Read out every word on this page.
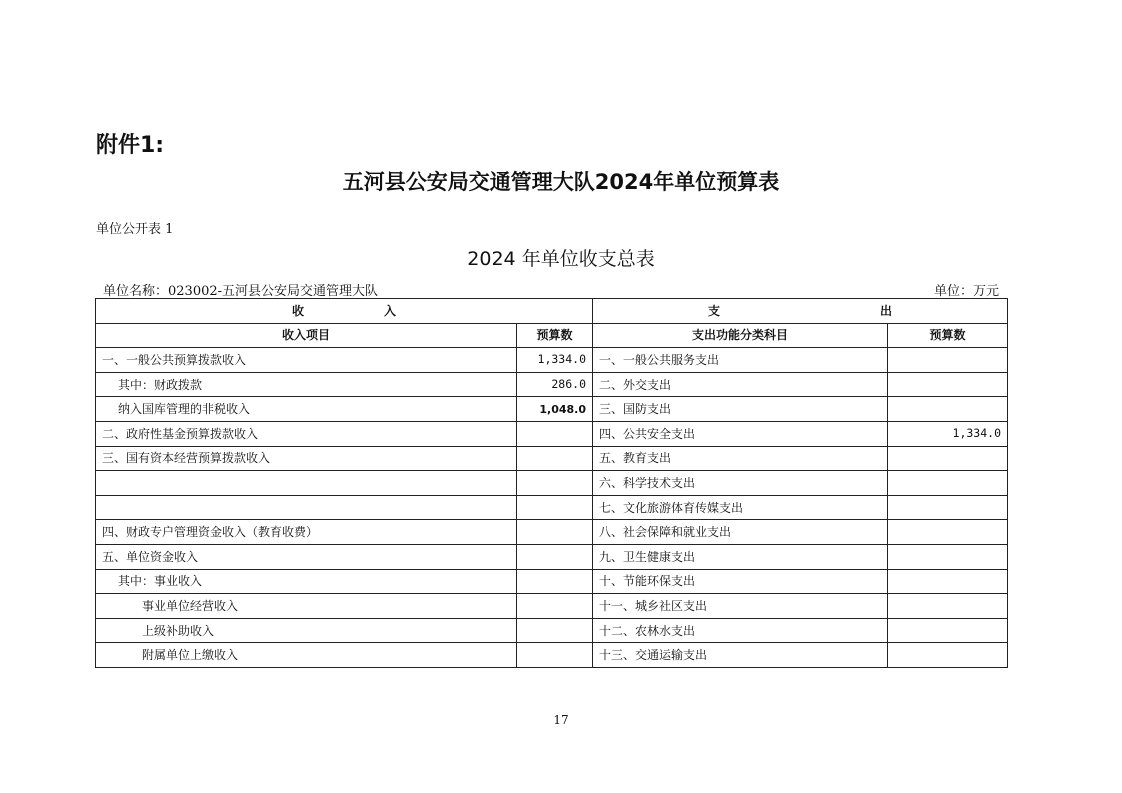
附件1:
五河县公安局交通管理大队2024年单位预算表
单位公开表 1
2024 年单位收支总表
单位名称：023002-五河县公安局交通管理大队	单位：万元
收 入		支 出	
收入项目	预算数	支出功能分类科目	预算数
一、一般公共预算拨款收入	1,334.0	一、一般公共服务支出	
其中：财政拨款	286.0	二、外交支出	
纳入国库管理的非税收入	1,048.0	三、国防支出	
二、政府性基金预算拨款收入		四、公共安全支出	1,334.0
三、国有资本经营预算拨款收入		五、教育支出	
		六、科学技术支出	
		七、文化旅游体育传媒支出	
四、财政专户管理资金收入（教育收费）		八、社会保障和就业支出	
五、单位资金收入		九、卫生健康支出	
其中：事业收入		十、节能环保支出	
事业单位经营收入		十一、城乡社区支出	
上级补助收入		十二、农林水支出	
附属单位上缴收入		十三、交通运输支出	
17
